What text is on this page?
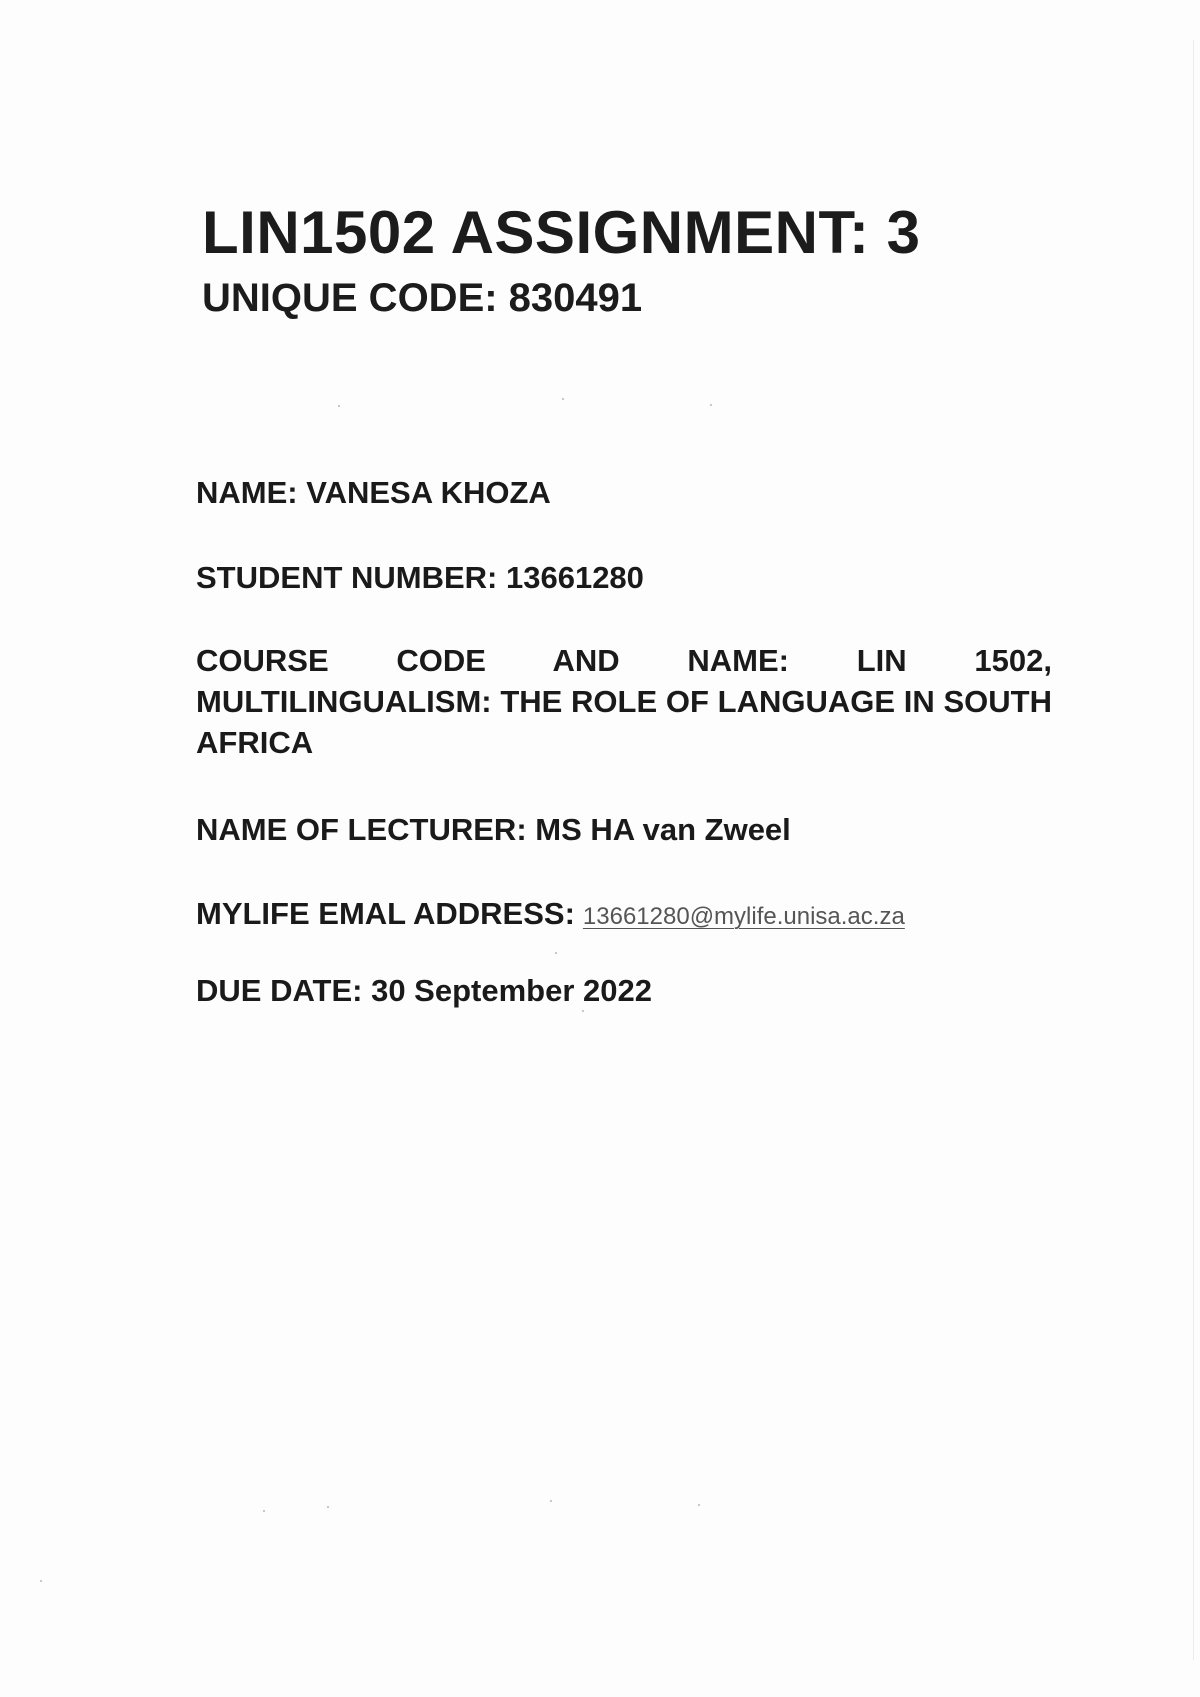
LIN1502 ASSIGNMENT: 3
UNIQUE CODE: 830491

NAME: VANESA KHOZA

STUDENT NUMBER: 13661280

COURSE CODE AND NAME: LIN 1502, MULTILINGUALISM: THE ROLE OF LANGUAGE IN SOUTH AFRICA

NAME OF LECTURER: MS HA van Zweel

MYLIFE EMAL ADDRESS: 13661280@mylife.unisa.ac.za

DUE DATE: 30 September 2022
